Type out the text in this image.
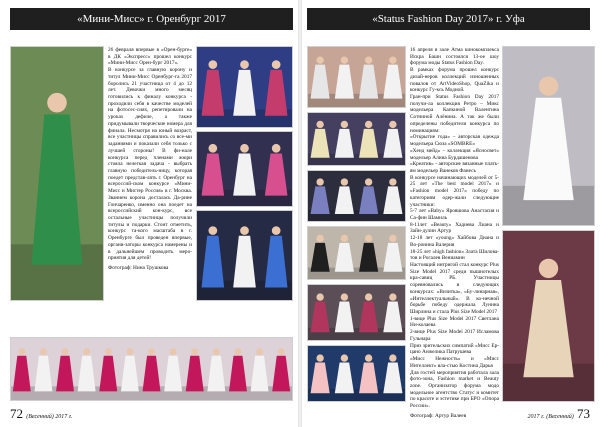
«Мини-Мисс» г. Оренбург 2017

26 февраля впервые в «Орен-бурге» в ДК «Экспресс» прошел конкурс «Мини-Мисс Орен-бург 2017».

В конкурсе за главную корону и титул Мини-Мисс Оренбург-га 2017 боролись 21 участница от 4 до 12 лет. Девочки много месяц готовились к финалу конкурса - проходили себя в качестве моделей на фотосес-сиях, репетировали на уроках дефиле, а также придумывали творческие номера для финала. Несмотря на юный возраст, все участницы справились со все-ми заданиями и показали себя только с лучшей стороны! В фи-нале конкурса перед членами жюри стояла нелегкая задача - выбрать главную победитель-ницу, которая поедет представ-лять г. Оренбург на всероссий-ском конкурсе «Мини-Мисс и Мистер Россия» в г. Москва. Званием корона досталась Да-рине Гончаренко, именно она поедет на всероссийский кон-курс, все остальные участницы получили титулы и подарки. Стоит отметить, конкурс та-кого масштаба в г. Оренбурге был проведен впервые, органи-заторы конкурса намерены и в дальнейшем проводить меро-приятия для детей!

Фотограф: Нина Трушкова

72 (Весенний) 2017 г.
«Status Fashion Day 2017» г. Уфа

16 апреля в зале Атма кинокомплекса Искра Башн состоялся 13-ое шоу форума моды Status Fashion Day.

В рамках форума прошел конкурс дизай-неров коллекций изношенных повалов от ArtVideoShop, QuaZika и конкурс Гу-ксь Модной.

Гран-при Status Fashion Day 2017 получи-ла коллекция Ретро – Микс модельера Капкиной Валентина Сотниной Алёнина. А так же были определены победители конкурса по номинациям:

«Открытие года» – авторская одежда модельера Сюза «SOMBRE»

«Хенд мейд» – коллекция «Ясносвет» модельер Алина Бурдашенова

«Креатив» - авторские вязанные плать-ям модельер Ванеков Фанесь

В конкурсе начинающих моделей от 5-25 лет «The best model 2017» и «Fashion model 2017» победу по категориям одер-жали следующие участники:

5-7 лет «Baby» Яровшова Анастасия и Са-фин Шамиль

8-11лет «Beauty» Хадиева Лиана и Зайн-дулин Артур

12-18 лет «young» Хайбова Диана и Во-ронина Валерия

18-25 лет «high fashion» Злата Шилова-тов и Рогалев Вениамин

Настоящий интригой стал конкурс Plus Size Model 2017 среди пышнотелых кра-савиц РБ. Участницы соревновались в следующих конкурсах: «Визитка», «Бу-линарная», «Интеллектуальный». В ко-нечной борьбе победу одержала Лунина Ширлина и стала Plus Size Model 2017

1-вице Plus Size Model 2017 Светлана Ни-колаева

2-вице Plus Size Model 2017 Исламова Гульнара

Приз зрительских симпатий «Мисс Ер-цано Анжелика Патрушева

«Мисс Нежность» и «Мисс Интеллект» вла-стью Костина Дарья

Для гостей мероприятия работала зала фото-зона, Fashion market и Beauty zone. Организатор форума модо модельное агентство Статус и комитет по красоте и эстетике при БРО «Опора России».

Фотограф: Артур Валеев	2017 г. (Весенний) 73
